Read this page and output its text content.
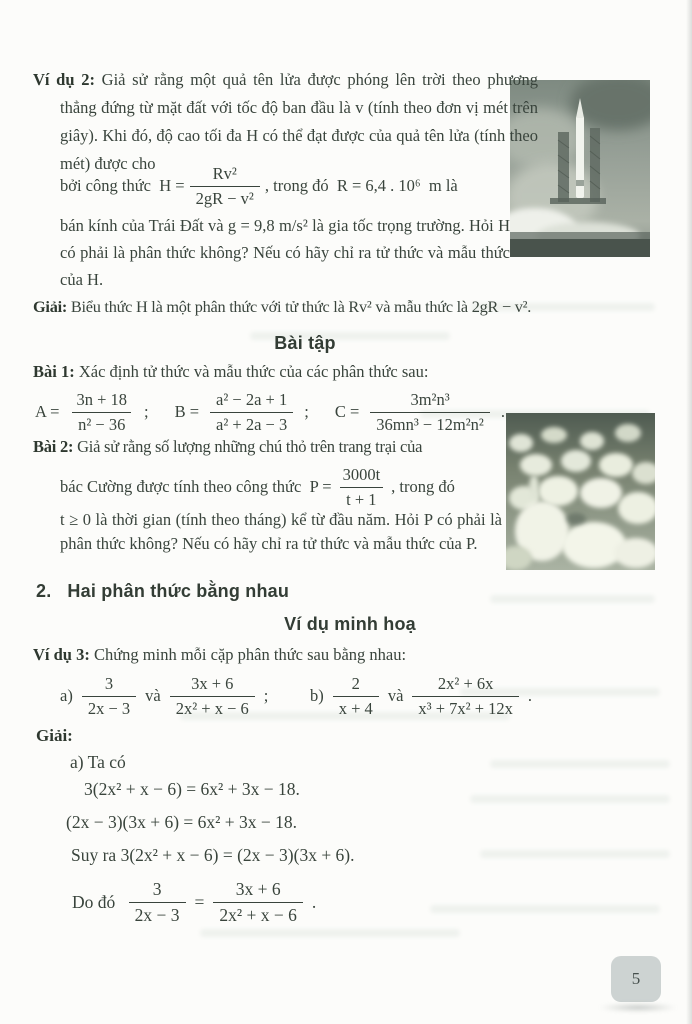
Ví dụ 2: Giả sử rằng một quả tên lửa được phóng lên trời theo phương thẳng đứng từ mặt đất với tốc độ ban đầu là v (tính theo đơn vị mét trên giây). Khi đó, độ cao tối đa H có thể đạt được của quả tên lửa (tính theo mét) được cho

bởi công thức  $H = \frac{\text{Rv²}}{\text{2gR − v²}}$ , trong đó  R = 6,4 . 10⁶  m là

bán kính của Trái Đất và g = 9,8 m/s² là gia tốc trọng trường. Hỏi H có phải là phân thức không? Nếu có hãy chỉ ra tử thức và mẫu thức của H.

Giải: Biểu thức H là một phân thức với tử thức là Rv² và mẫu thức là 2gR − v².

Bài tập

Bài 1: Xác định tử thức và mẫu thức của các phân thức sau:

$A = \frac{3n + 18}{\text{n² − 36}}$ ; $B = \frac{\text{a² − 2a + 1}}{\text{a² + 2a − 3}}$ ; $C = \frac{\text{3m²n³}}{\text{36mn³ − 12m²n²}}$ .

Bài 2: Giả sử rằng số lượng những chú thỏ trên trang trại của

bác Cường được tính theo công thức  $P = \frac{3000t}{t + 1}$ , trong đó

t ≥ 0 là thời gian (tính theo tháng) kể từ đầu năm. Hỏi P có phải là phân thức không? Nếu có hãy chỉ ra tử thức và mẫu thức của P.

2. Hai phân thức bằng nhau
Ví dụ minh hoạ

Ví dụ 3: Chứng minh mỗi cặp phân thức sau bằng nhau:

$a) \frac{3}{2x - 3}$ và $\frac{3x + 6}{\text{2x² + x − 6}}$ ;	$b) \frac{2}{x + 4}$ và $\frac{\text{2x² + 6x}}{\text{x³ + 7x² + 12x}}$ .
Giải:
a) Ta có
3(2x² + x − 6) = 6x² + 3x − 18.
(2x − 3)(3x + 6) = 6x² + 3x − 18.
Suy ra 3(2x² + x − 6) = (2x − 3)(3x + 6).
Do đó $\frac{3}{2x - 3} = \frac{3x + 6}{\text{2x² + x − 6}}$ .
5
